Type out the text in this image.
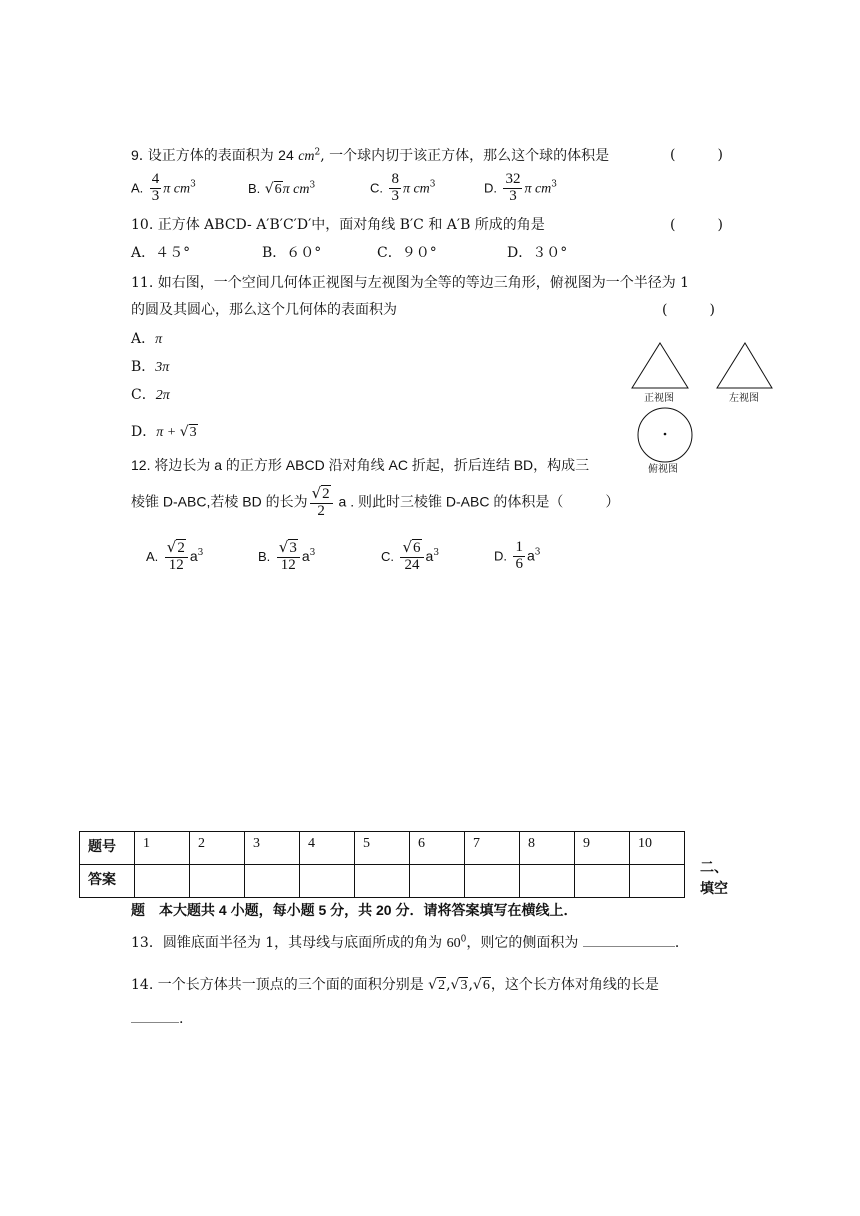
9. 设正方体的表面积为 24 $cm^2$, 一个球内切于该正方体，那么这个球的体积是	(　　　)
A. $\frac{4}{3}$ π $cm^3$	B. √6π $cm^3$	C. $\frac{8}{3}$ π $cm^3$	D. $\frac{32}{3}$ π $cm^3$
10. 正方体 ABCD- A′B′C′D′中，面对角线 B′C 和 A′B 所成的角是	(　　　)
A．４５°	B．６０°	C．９０°	D．３０°
11. 如右图，一个空间几何体正视图与左视图为全等的等边三角形，俯视图为一个半径为 1
的圆及其圆心，那么这个几何体的表面积为	(　　　)
A．π
B．3π
C．2π
D．π + √3
正视图	左视图
俯视图
12. 将边长为 a 的正方形 ABCD 沿对角线 AC 折起，折后连结 BD，构成三
棱锥 D-ABC,若棱 BD 的长为 $\frac{√2}{2}$ a . 则此时三棱锥 D-ABC 的体积是（	）
A. $\frac{√2}{12} a^3$	B. $\frac{√3}{12} a^3$	C. $\frac{√6}{24} a^3$	D. $\frac{1}{6} a^3$
题号	1	2	3	4	5	6	7	8	9	10
答案										
二、
填空
题　本大题共 4 小题，每小题 5 分，共 20 分．请将答案填写在横线上．
13．圆锥底面半径为 1，其母线与底面所成的角为 $60^0$，则它的侧面积为	．
14. 一个长方体共一顶点的三个面的面积分别是 √2,√3,√6，这个长方体对角线的长是
.
